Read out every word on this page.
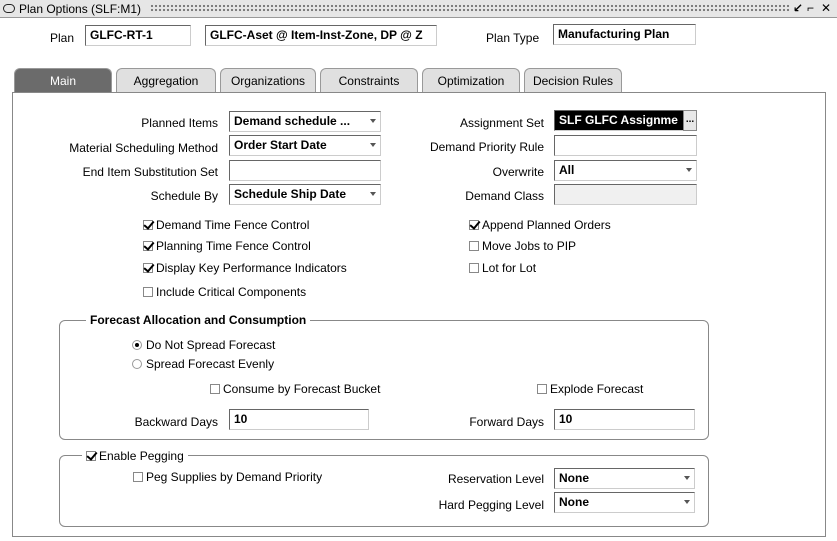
Plan Options (SLF:M1)	↙ ⌐ ✕
Plan	GLFC-RT-1	GLFC-Aset @ Item-Inst-Zone, DP @ Z	Plan Type	Manufacturing Plan
Main	Aggregation	Organizations	Constraints	Optimization	Decision Rules
Planned Items	Demand schedule ...
Material Scheduling Method	Order Start Date
End Item Substitution Set
Schedule By	Schedule Ship Date
Assignment Set	SLF GLFC Assignme ...
Demand Priority Rule
Overwrite	All
Demand Class
Demand Time Fence Control
Planning Time Fence Control
Display Key Performance Indicators
Include Critical Components
Append Planned Orders
Move Jobs to PIP
Lot for Lot
Forecast Allocation and Consumption
Do Not Spread Forecast
Spread Forecast Evenly
Consume by Forecast Bucket	Explode Forecast
Backward Days	10	Forward Days	10
Enable Pegging
Peg Supplies by Demand Priority	Reservation Level	None
Hard Pegging Level	None
